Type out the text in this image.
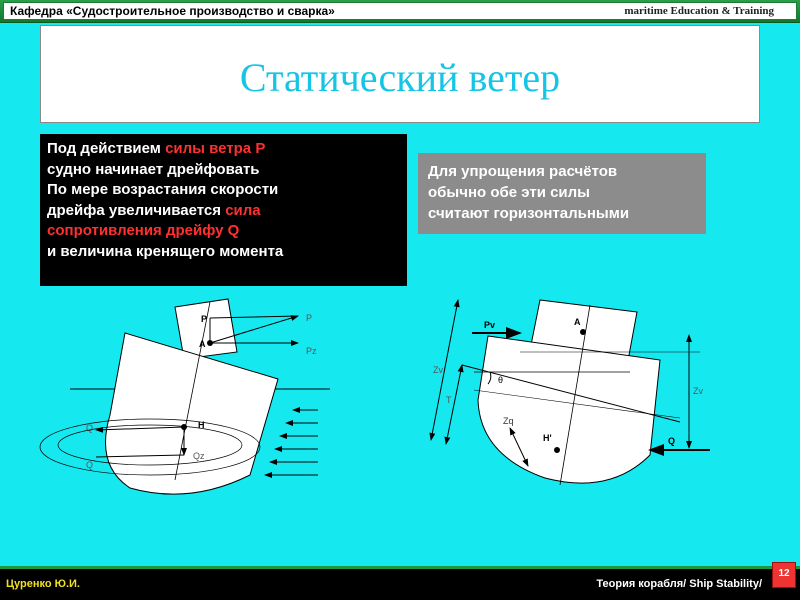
Кафедра «Судостроительное производство и сварка»	maritime Education & Training
Статический ветер
Под действием силы ветра P
судно начинает дрейфовать
По мере возрастания скорости
дрейфа увеличивается сила
сопротивления дрейфу Q
и величина кренящего момента
Для упрощения расчётов
обычно обе эти силы
считают горизонтальными
P
A
P
Pz
H
Q
Qz
Q
Pv	A
Q
H'
Zv
T
Zv
θ
Zq
Цуренко Ю.И.	Теория корабля/ Ship Stability/
12
